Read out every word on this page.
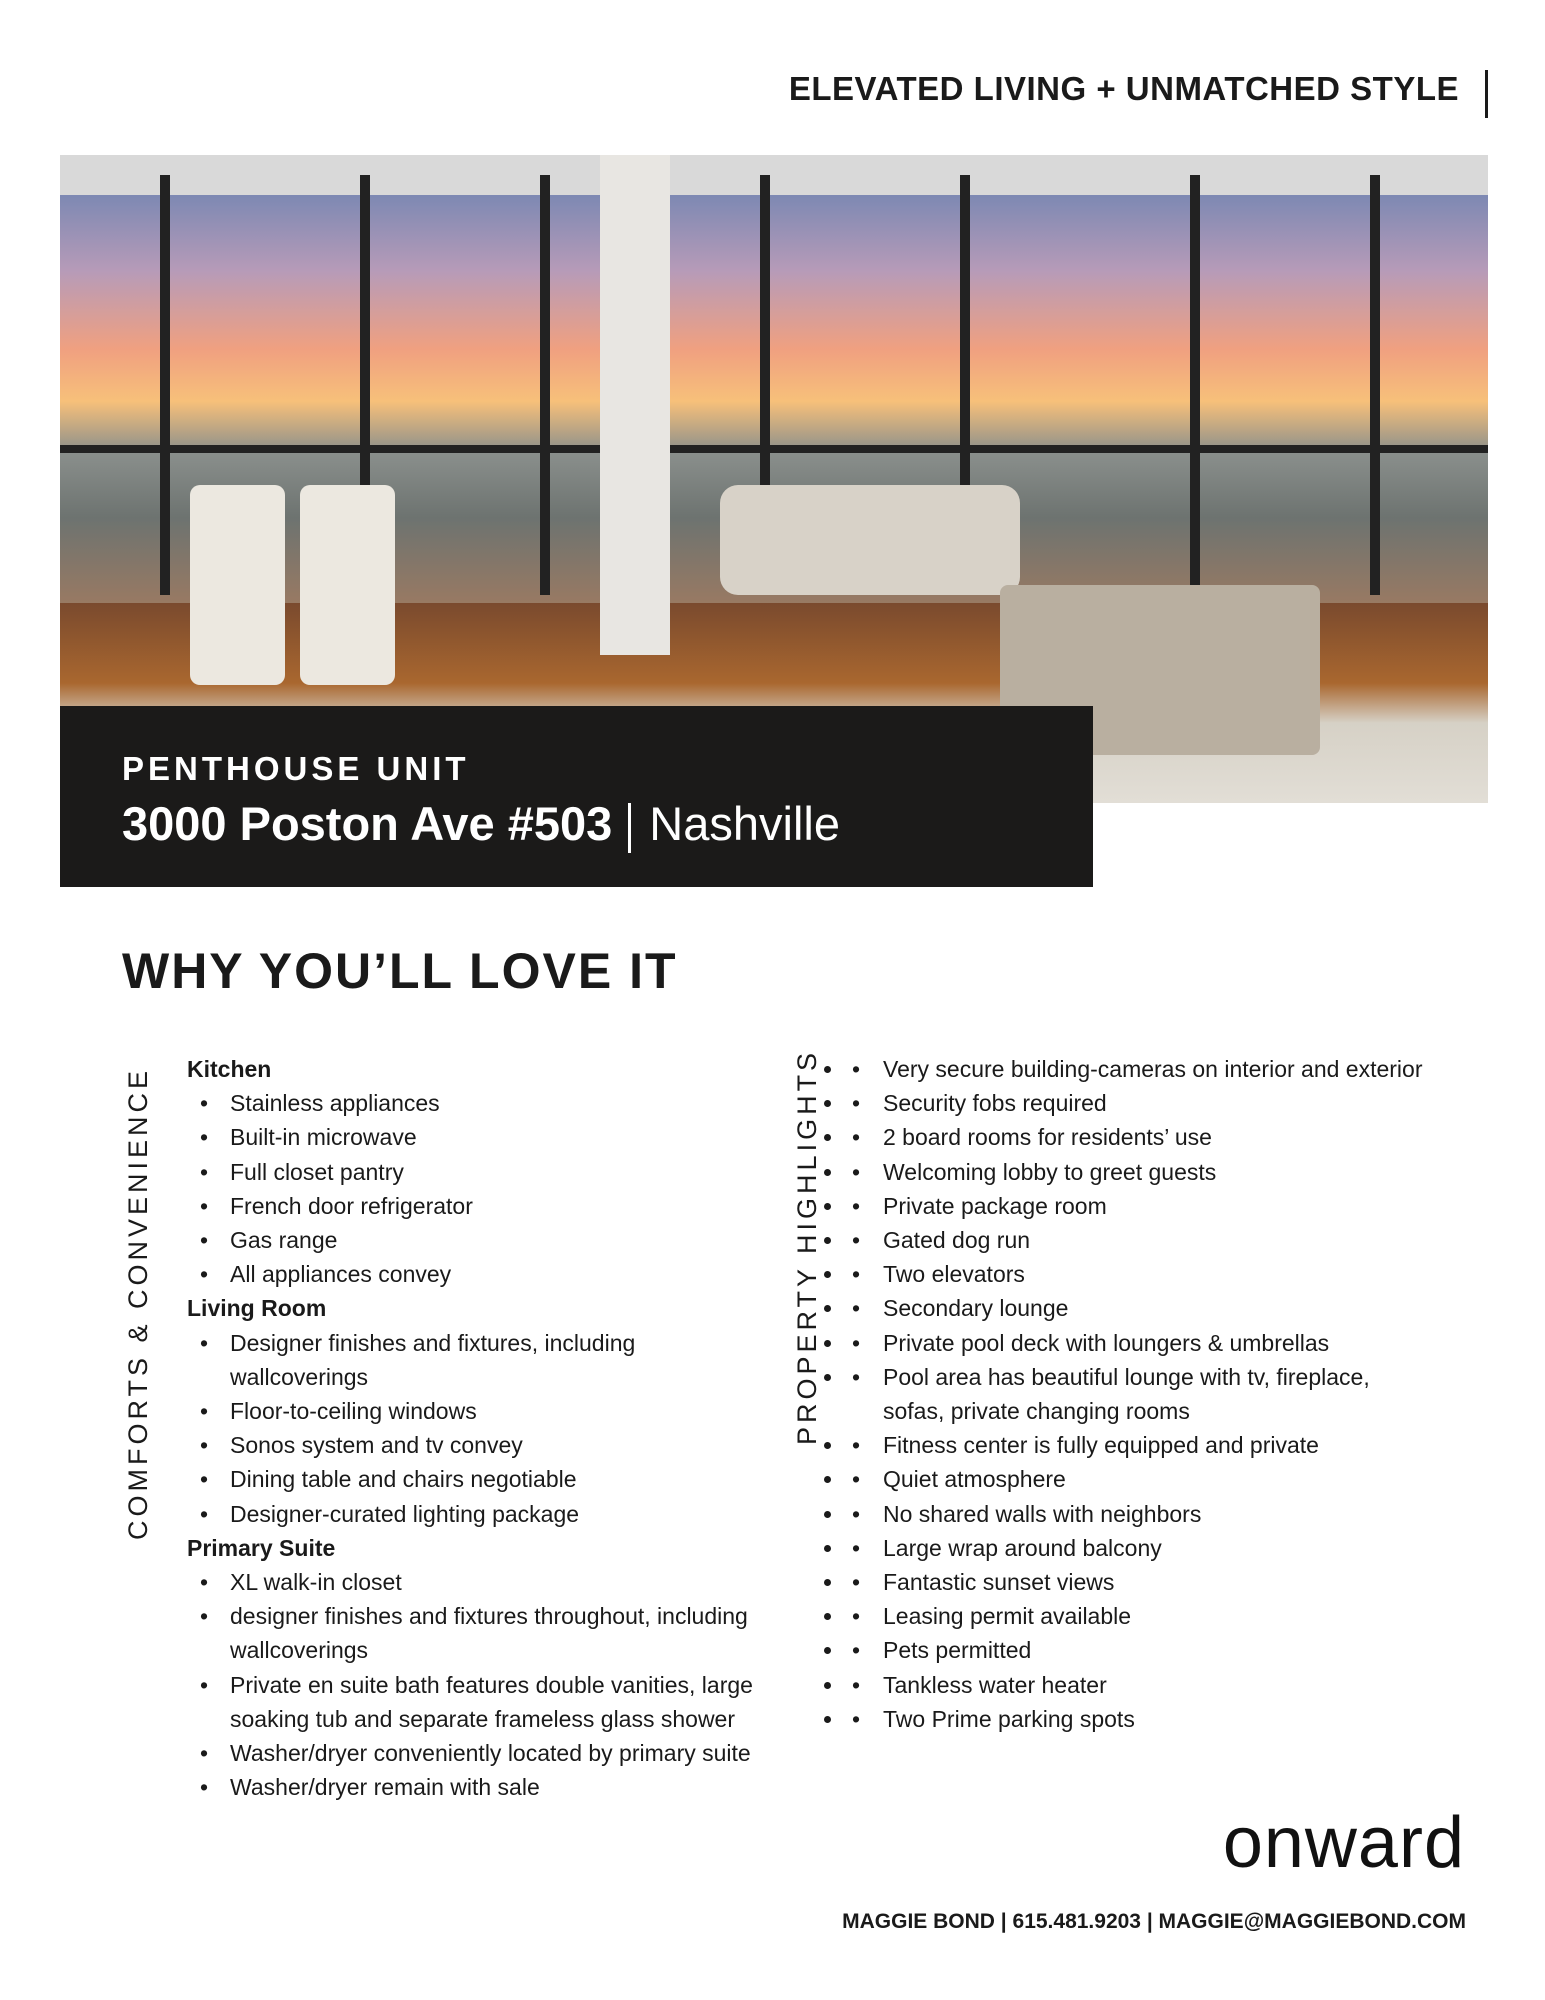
ELEVATED LIVING + UNMATCHED STYLE
PENTHOUSE UNIT
3000 Poston Ave #503 Nashville
WHY YOU’LL LOVE IT
COMFORTS & CONVENIENCE	PROPERTY HIGHLIGHTS
Kitchen
• Stainless appliances
• Built-in microwave
• Full closet pantry
• French door refrigerator
• Gas range
• All appliances convey
Living Room
• Designer finishes and fixtures, including wallcoverings
• Floor-to-ceiling windows
• Sonos system and tv convey
• Dining table and chairs negotiable
• Designer-curated lighting package
Primary Suite
• XL walk-in closet
• designer finishes and fixtures throughout, including wallcoverings
• Private en suite bath features double vanities, large soaking tub and separate frameless glass shower
• Washer/dryer conveniently located by primary suite
• Washer/dryer remain with sale
• • Very secure building-cameras on interior and exterior
• • Security fobs required
• • 2 board rooms for residents’ use
• • Welcoming lobby to greet guests
• • Private package room
• • Gated dog run
• • Two elevators
• • Secondary lounge
• • Private pool deck with loungers & umbrellas
• • Pool area has beautiful lounge with tv, fireplace, sofas, private changing rooms
• • Fitness center is fully equipped and private
• • Quiet atmosphere
• • No shared walls with neighbors
• • Large wrap around balcony
• • Fantastic sunset views
• • Leasing permit available
• • Pets permitted
• • Tankless water heater
• • Two Prime parking spots
onward
MAGGIE BOND | 615.481.9203 | MAGGIE@MAGGIEBOND.COM
